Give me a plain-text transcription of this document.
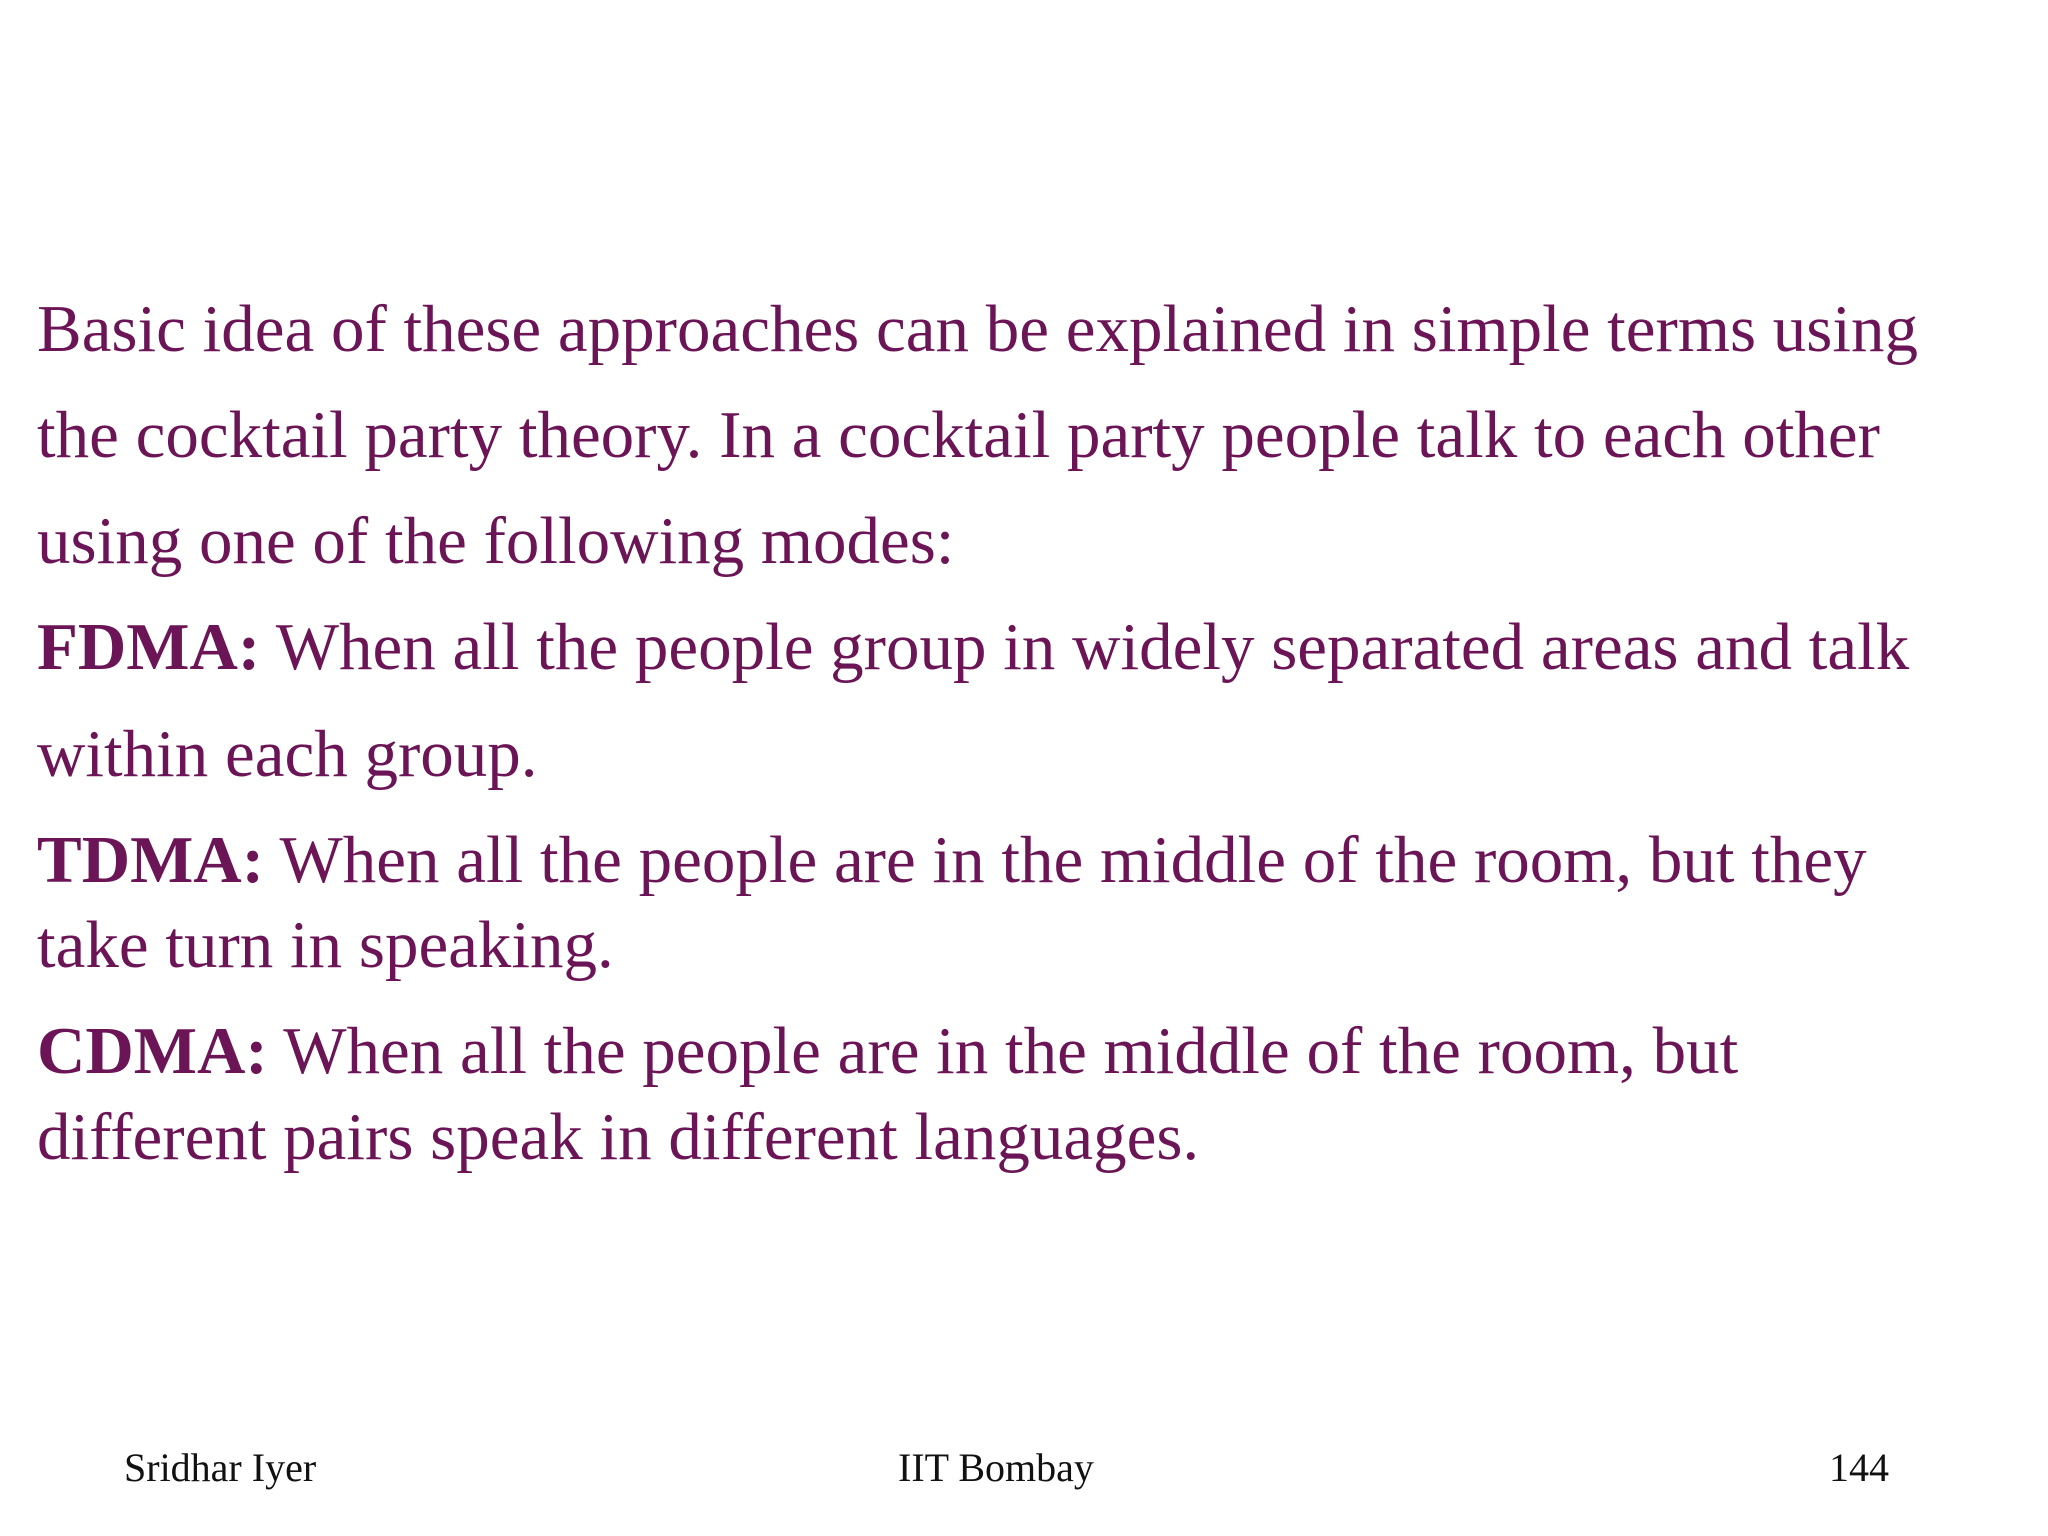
Basic idea of these approaches can be explained in simple terms using
the cocktail party theory. In a cocktail party people talk to each other
using one of the following modes:
FDMA: When all the people group in widely separated areas and talk
within each group.
TDMA: When all the people are in the middle of the room, but they
take turn in speaking.
CDMA: When all the people are in the middle of the room, but
different pairs speak in different languages.
Sridhar Iyer	IIT Bombay	144
